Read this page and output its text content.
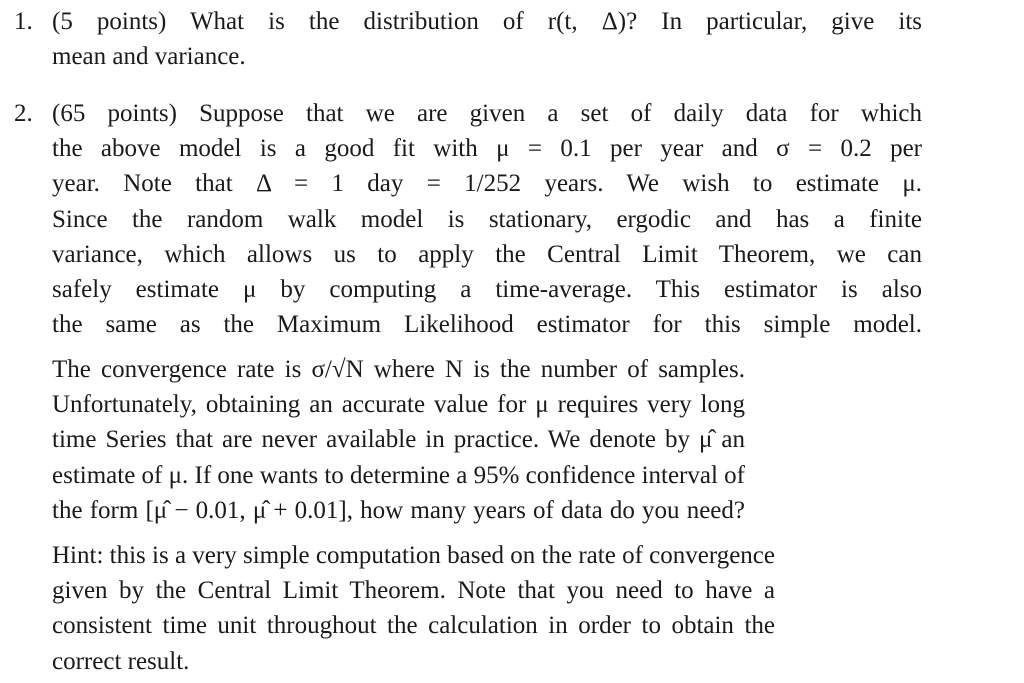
1. (5 points) What is the distribution of r(t, Δ)? In particular, give its
mean and variance.

2. (65 points) Suppose that we are given a set of daily data for which
the above model is a good fit with μ = 0.1 per year and σ = 0.2 per
year. Note that Δ = 1 day = 1/252 years. We wish to estimate μ.
Since the random walk model is stationary, ergodic and has a finite
variance, which allows us to apply the Central Limit Theorem, we can
safely estimate μ by computing a time-average. This estimator is also
the same as the Maximum Likelihood estimator for this simple model.

The convergence rate is σ/√N where N is the number of samples.
Unfortunately, obtaining an accurate value for μ requires very long
time Series that are never available in practice. We denote by μ̂ an
estimate of μ. If one wants to determine a 95% confidence interval of
the form [μ̂ − 0.01, μ̂ + 0.01], how many years of data do you need?

Hint: this is a very simple computation based on the rate of convergence
given by the Central Limit Theorem. Note that you need to have a
consistent time unit throughout the calculation in order to obtain the
correct result.
